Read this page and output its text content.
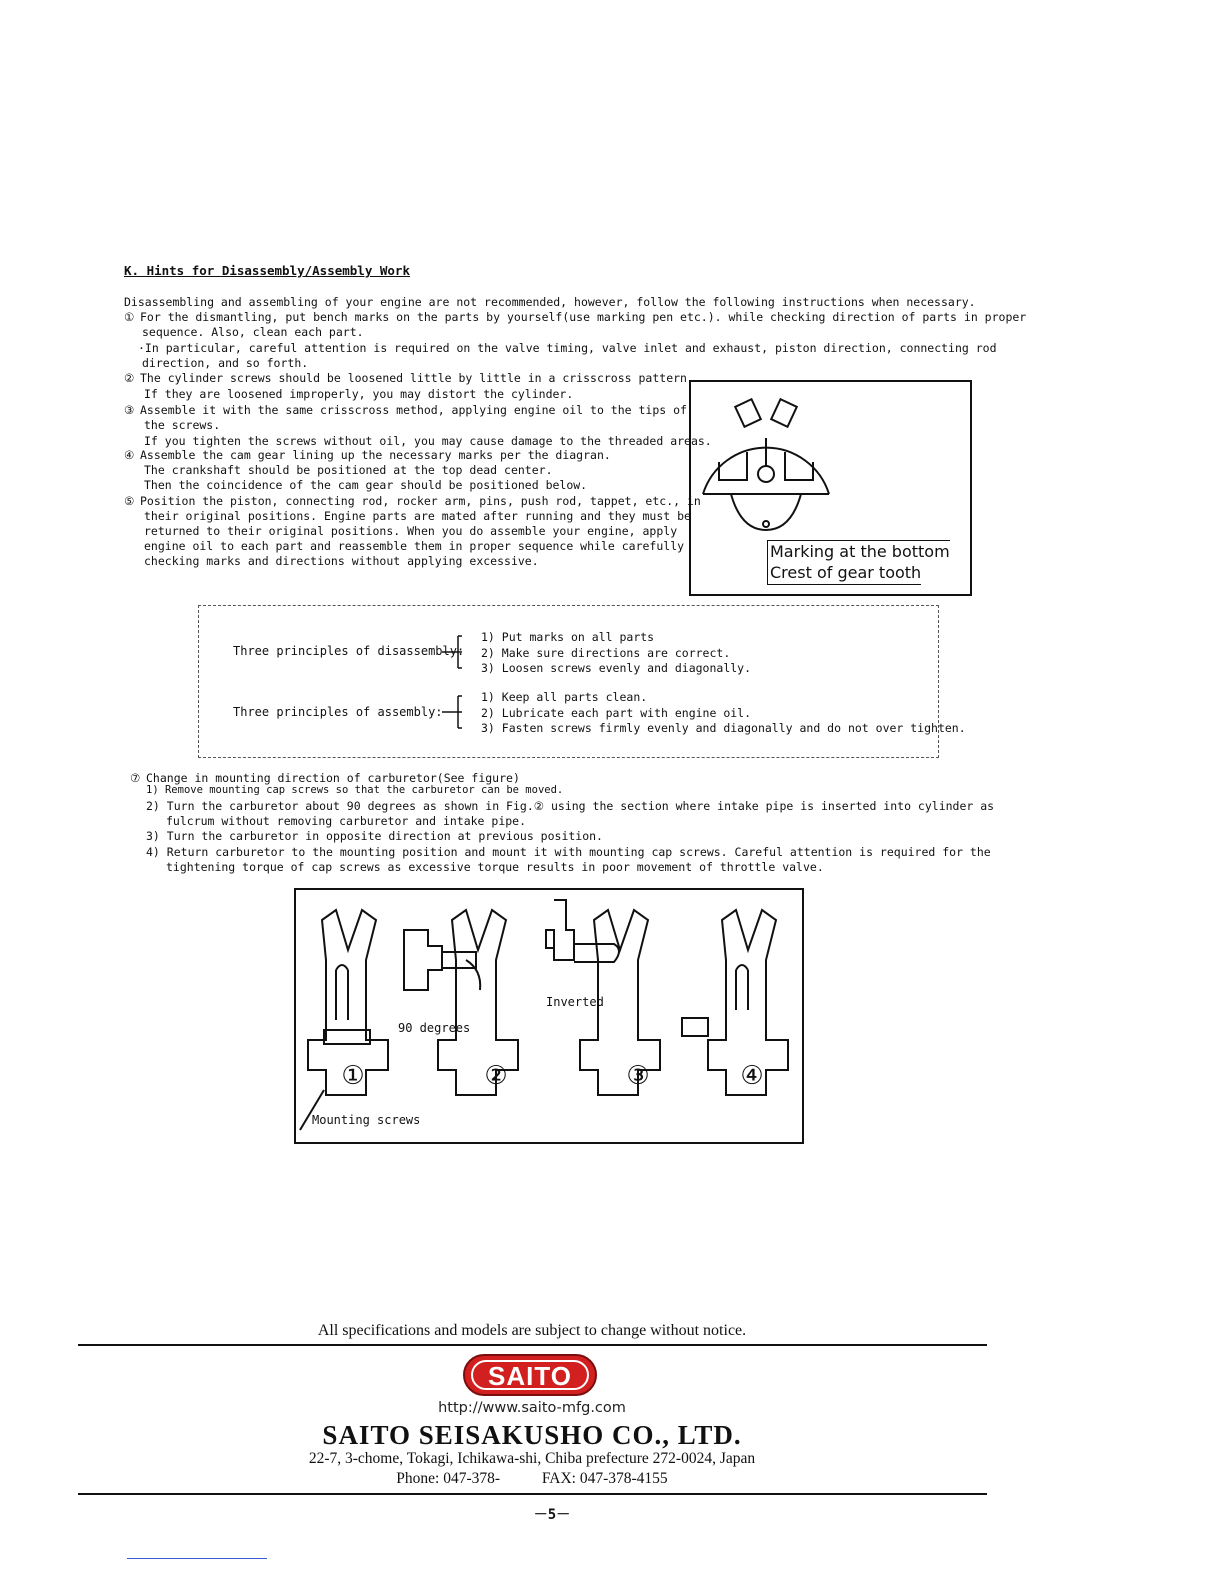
K. Hints for Disassembly/Assembly Work
Disassembling and assembling of your engine are not recommended, however, follow the following instructions when necessary.
① For the dismantling, put bench marks on the parts by yourself(use marking pen etc.). while checking direction of parts in proper
sequence. Also, clean each part.
·In particular, careful attention is required on the valve timing, valve inlet and exhaust, piston direction, connecting rod
direction, and so forth.
② The cylinder screws should be loosened little by little in a crisscross pattern.
If they are loosened improperly, you may distort the cylinder.
③ Assemble it with the same crisscross method, applying engine oil to the tips of
the screws.
If you tighten the screws without oil, you may cause damage to the threaded areas.
④ Assemble the cam gear lining up the necessary marks per the diagran.
The crankshaft should be positioned at the top dead center.
Then the coincidence of the cam gear should be positioned below.
⑤ Position the piston, connecting rod, rocker arm, pins, push rod, tappet, etc., in
their original positions. Engine parts are mated after running and they must be
returned to their original positions. When you do assemble your engine, apply
engine oil to each part and reassemble them in proper sequence while carefully
checking marks and directions without applying excessive.	Marking at the bottom
Crest of gear tooth
Three principles of disassembly:
1) Put marks on all parts
2) Make sure directions are correct.
3) Loosen screws evenly and diagonally.
Three principles of assembly:
1) Keep all parts clean.
2) Lubricate each part with engine oil.
3) Fasten screws firmly evenly and diagonally and do not over tighten.
⑦ Change in mounting direction of carburetor(See figure)
1) Remove mounting cap screws so that the carburetor can be moved.
2) Turn the carburetor about 90 degrees as shown in Fig.② using the section where intake pipe is inserted into cylinder as
fulcrum without removing carburetor and intake pipe.
3) Turn the carburetor in opposite direction at previous position.
4) Return carburetor to the mounting position and mount it with mounting cap screws. Careful attention is required for the
tightening torque of cap screws as excessive torque results in poor movement of throttle valve.
①	②	③	④
90 degrees
Inverted
Mounting screws
All specifications and models are subject to change without notice.
SAITO
http://www.saito-mfg.com
SAITO SEISAKUSHO CO., LTD.
22-7, 3-chome, Tokagi, Ichikawa-shi, Chiba prefecture 272-0024, Japan
Phone: 047-378-	FAX: 047-378-4155
－5－
